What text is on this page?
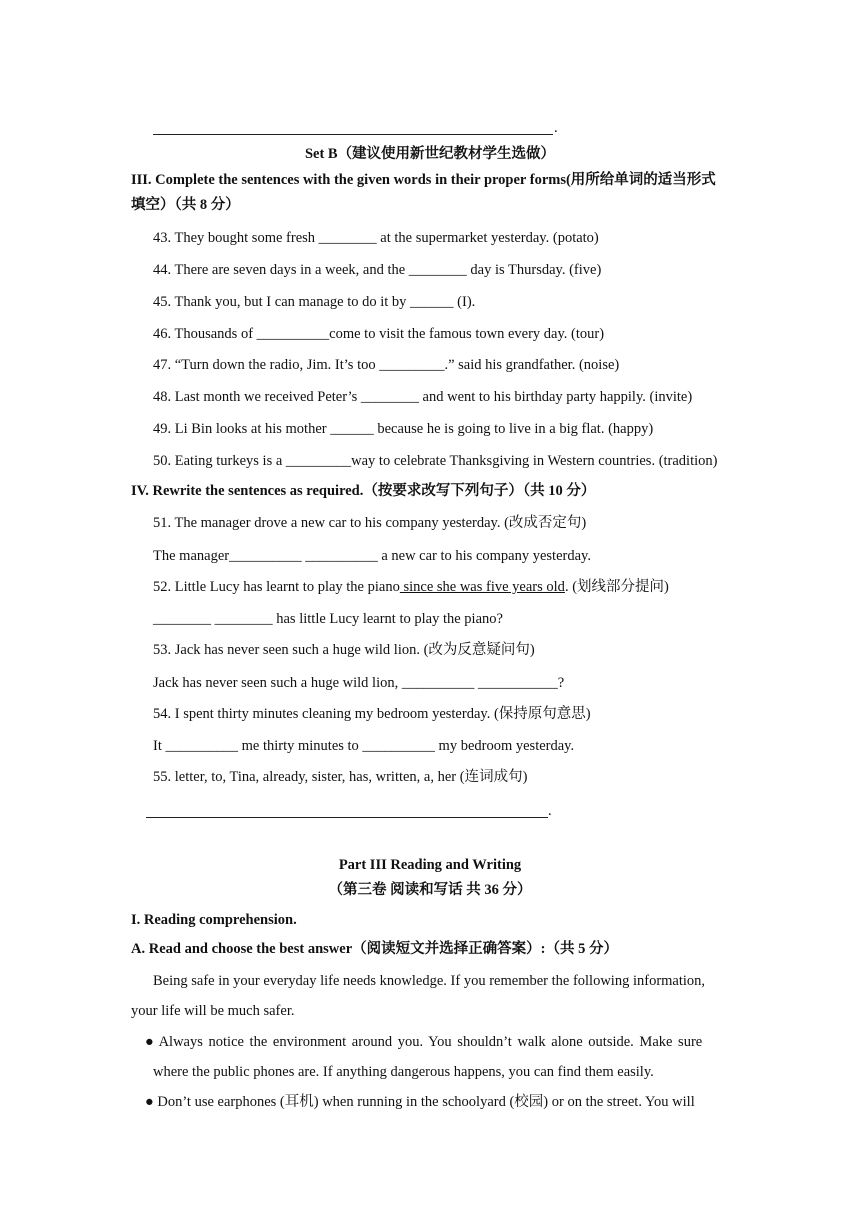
.
Set B（建议使用新世纪教材学生选做）
III. Complete the sentences with the given words in their proper forms(用所给单词的适当形式
填空）（共 8 分）
43. They bought some fresh ________ at the supermarket yesterday. (potato)
44. There are seven days in a week, and the ________ day is Thursday. (five)
45. Thank you, but I can manage to do it by ______ (I).
46. Thousands of __________come to visit the famous town every day. (tour)
47. “Turn down the radio, Jim. It’s too _________.” said his grandfather. (noise)
48. Last month we received Peter’s ________ and went to his birthday party happily. (invite)
49. Li Bin looks at his mother ______ because he is going to live in a big flat. (happy)
50. Eating turkeys is a _________way to celebrate Thanksgiving in Western countries. (tradition)
IV. Rewrite the sentences as required.（按要求改写下列句子）（共 10 分）
51. The manager drove a new car to his company yesterday. (改成否定句)
The manager__________ __________ a new car to his company yesterday.
52. Little Lucy has learnt to play the piano since she was five years old. (划线部分提问)
________ ________ has little Lucy learnt to play the piano?
53. Jack has never seen such a huge wild lion. (改为反意疑问句)
Jack has never seen such a huge wild lion, __________ ___________?
54. I spent thirty minutes cleaning my bedroom yesterday. (保持原句意思)
It __________ me thirty minutes to __________ my bedroom yesterday.
55. letter, to, Tina, already, sister, has, written, a, her (连词成句)
.
Part III Reading and Writing
（第三卷 阅读和写话 共 36 分）
I. Reading comprehension.
A. Read and choose the best answer（阅读短文并选择正确答案）:（共 5 分）
Being safe in your everyday life needs knowledge. If you remember the following information,
your life will be much safer.
● Always notice the environment around you. You shouldn’t walk alone outside. Make sure
where the public phones are. If anything dangerous happens, you can find them easily.
● Don’t use earphones (耳机) when running in the schoolyard (校园) or on the street. You will
